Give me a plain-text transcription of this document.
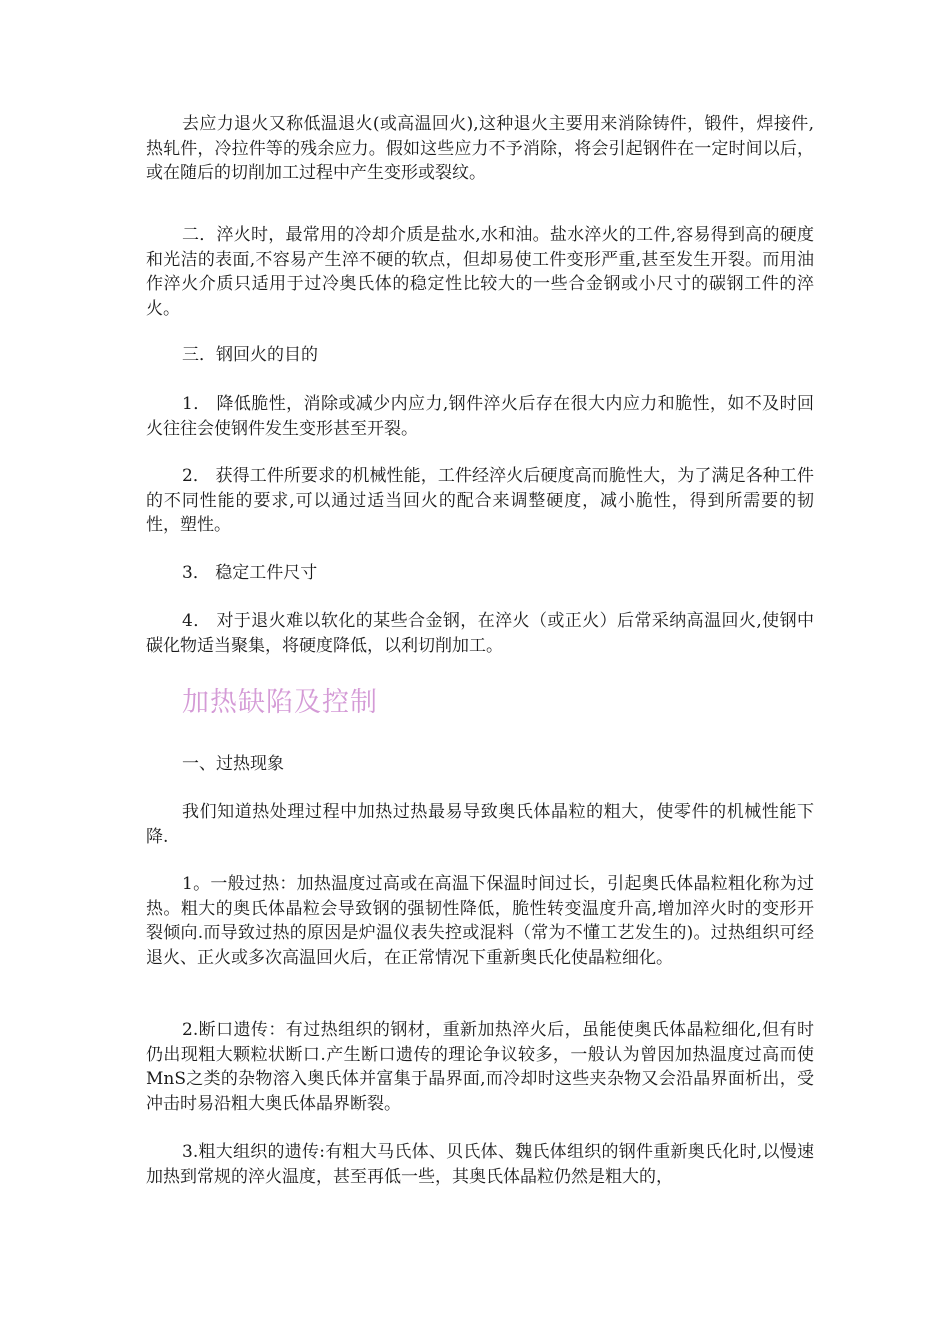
去应力退火又称低温退火(或高温回火),这种退火主要用来消除铸件，锻件，焊接件,热轧件，冷拉件等的残余应力。假如这些应力不予消除，将会引起钢件在一定时间以后，或在随后的切削加工过程中产生变形或裂纹。

二．淬火时，最常用的冷却介质是盐水,水和油。盐水淬火的工件,容易得到高的硬度和光洁的表面,不容易产生淬不硬的软点，但却易使工件变形严重,甚至发生开裂。而用油作淬火介质只适用于过冷奥氏体的稳定性比较大的一些合金钢或小尺寸的碳钢工件的淬火。

三．钢回火的目的

1． 降低脆性，消除或减少内应力,钢件淬火后存在很大内应力和脆性，如不及时回火往往会使钢件发生变形甚至开裂。

2． 获得工件所要求的机械性能，工件经淬火后硬度高而脆性大，为了满足各种工件的不同性能的要求,可以通过适当回火的配合来调整硬度，减小脆性，得到所需要的韧性，塑性。

3． 稳定工件尺寸

4． 对于退火难以软化的某些合金钢，在淬火（或正火）后常采纳高温回火,使钢中碳化物适当聚集，将硬度降低，以利切削加工。

加热缺陷及控制

一、过热现象

我们知道热处理过程中加热过热最易导致奥氏体晶粒的粗大，使零件的机械性能下降.

1。一般过热：加热温度过高或在高温下保温时间过长，引起奥氏体晶粒粗化称为过热。粗大的奥氏体晶粒会导致钢的强韧性降低，脆性转变温度升高,增加淬火时的变形开裂倾向.而导致过热的原因是炉温仪表失控或混料（常为不懂工艺发生的)。过热组织可经退火、正火或多次高温回火后，在正常情况下重新奥氏化使晶粒细化。

2.断口遗传：有过热组织的钢材，重新加热淬火后，虽能使奥氏体晶粒细化,但有时仍出现粗大颗粒状断口.产生断口遗传的理论争议较多，一般认为曾因加热温度过高而使MnS之类的杂物溶入奥氏体并富集于晶界面,而冷却时这些夹杂物又会沿晶界面析出，受冲击时易沿粗大奥氏体晶界断裂。

3.粗大组织的遗传:有粗大马氏体、贝氏体、魏氏体组织的钢件重新奥氏化时,以慢速加热到常规的淬火温度，甚至再低一些，其奥氏体晶粒仍然是粗大的，
